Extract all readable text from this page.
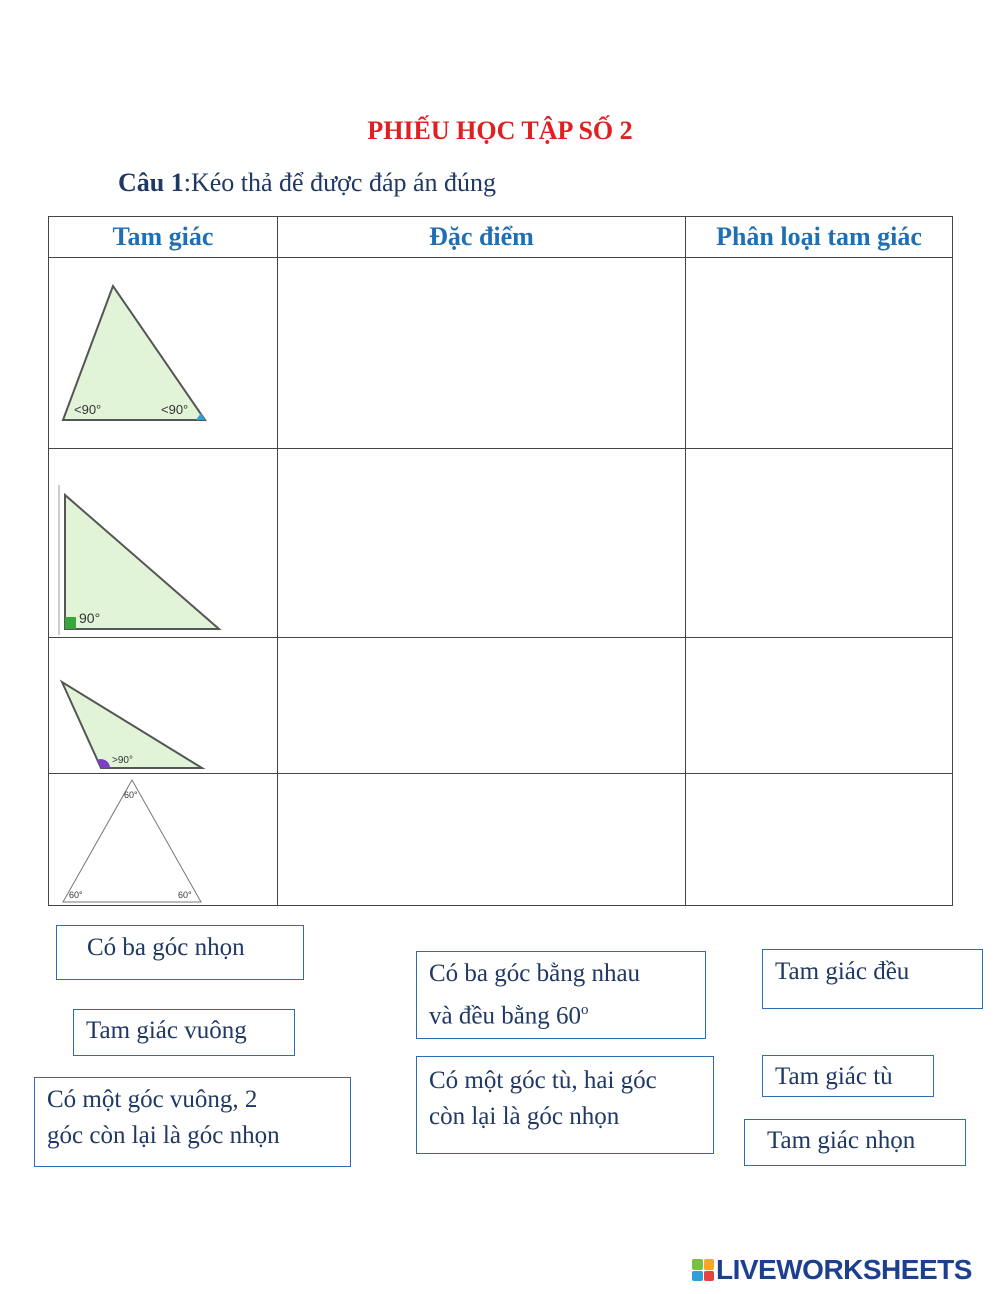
PHIẾU HỌC TẬP SỐ 2
Câu 1:Kéo thả để được đáp án đúng
Tam giác	Đặc điểm	Phân loại tam giác

<90° <90°		

90°		

>90°		

60°
60° 60°		

Có ba góc nhọn
Có ba góc bằng nhau
và đều bằng 60$^o$
Tam giác đều
Tam giác vuông
Có một góc vuông, 2
góc còn lại là góc nhọn
Có một góc tù, hai góc
còn lại là góc nhọn
Tam giác tù
Tam giác nhọn
LIVEWORKSHEETS
